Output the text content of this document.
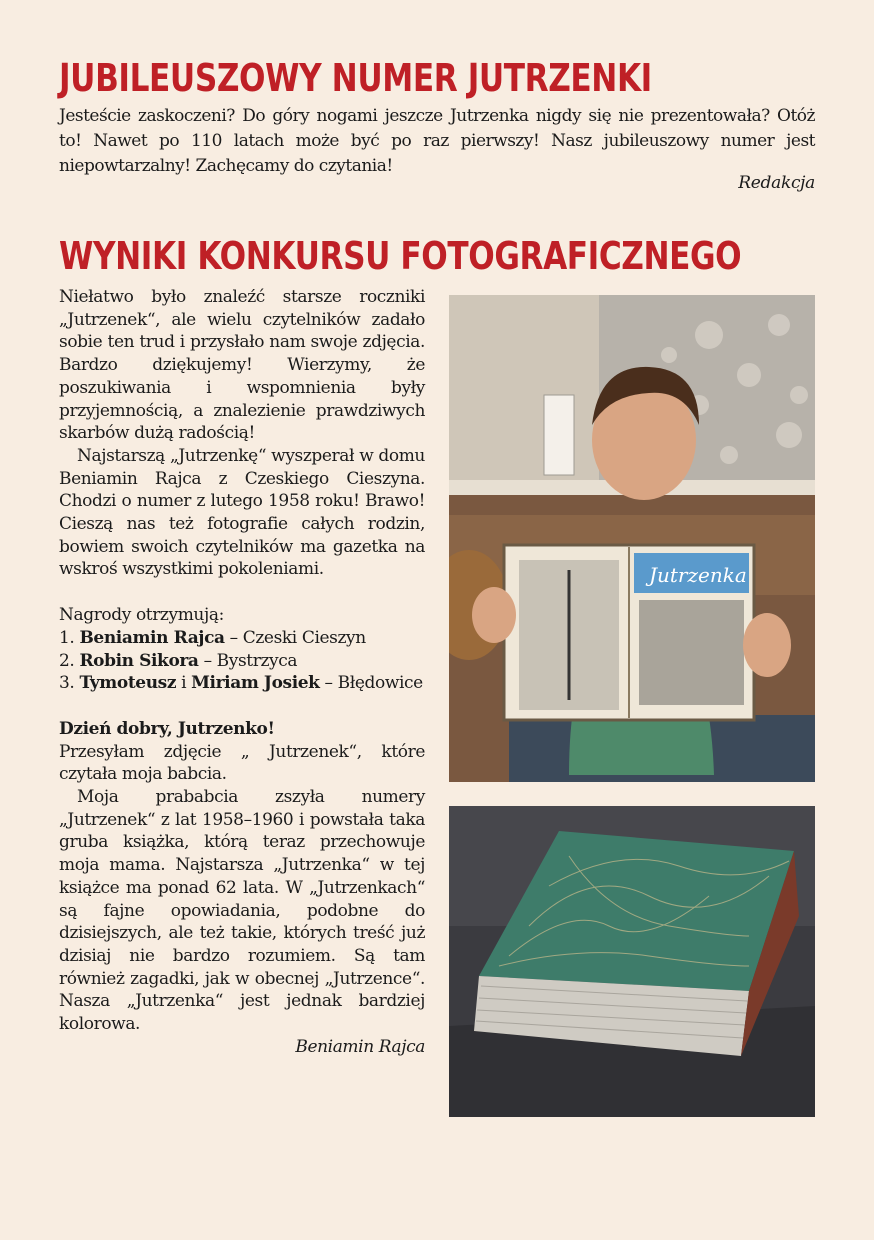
JUBILEUSZOWY NUMER JUTRZENKI

Jesteście zaskoczeni? Do góry nogami jeszcze Jutrzenka nigdy się nie prezentowała? Otóż to! Nawet po 110 latach może być po raz pierwszy! Nasz jubileuszowy numer jest niepowtarzalny! Zachęcamy do czytania!

Redakcja
WYNIKI KONKURSU FOTOGRAFICZNEGO

Niełatwo było znaleźć starsze roczniki „Jutrzenek“, ale wielu czytelników zadało sobie ten trud i przysłało nam swoje zdjęcia. Bardzo dziękujemy! Wierzymy, że poszukiwania i wspomnienia były przyjemnością, a znalezienie prawdziwych skarbów dużą radością!

Najstarszą „Jutrzenkę“ wyszperał w domu Beniamin Rajca z Czeskiego Cieszyna. Chodzi o numer z lutego 1958 roku! Brawo! Cieszą nas też fotografie całych rodzin, bowiem swoich czytelników ma gazetka na wskroś wszystkimi pokoleniami.

Nagrody otrzymują:

1. Beniamin Rajca – Czeski Cieszyn

2. Robin Sikora – Bystrzyca

3. Tymoteusz i Miriam Josiek – Błędowice

Dzień dobry, Jutrzenko!

Przesyłam zdjęcie „ Jutrzenek“, które czytała moja babcia.

Moja prababcia zszyła numery „Jutrzenek“ z lat 1958–1960 i powstała taka gruba książka, którą teraz przechowuje moja mama. Najstarsza „Jutrzenka“ w tej książce ma ponad 62 lata. W „Jutrzenkach“ są fajne opowiadania, podobne do dzisiejszych, ale też takie, których treść już dzisiaj nie bardzo rozumiem. Są tam również zagadki, jak w obecnej „Jutrzence“. Nasza „Jutrzenka“ jest jednak bardziej kolorowa.

Beniamin Rajca

Jutrzenka
